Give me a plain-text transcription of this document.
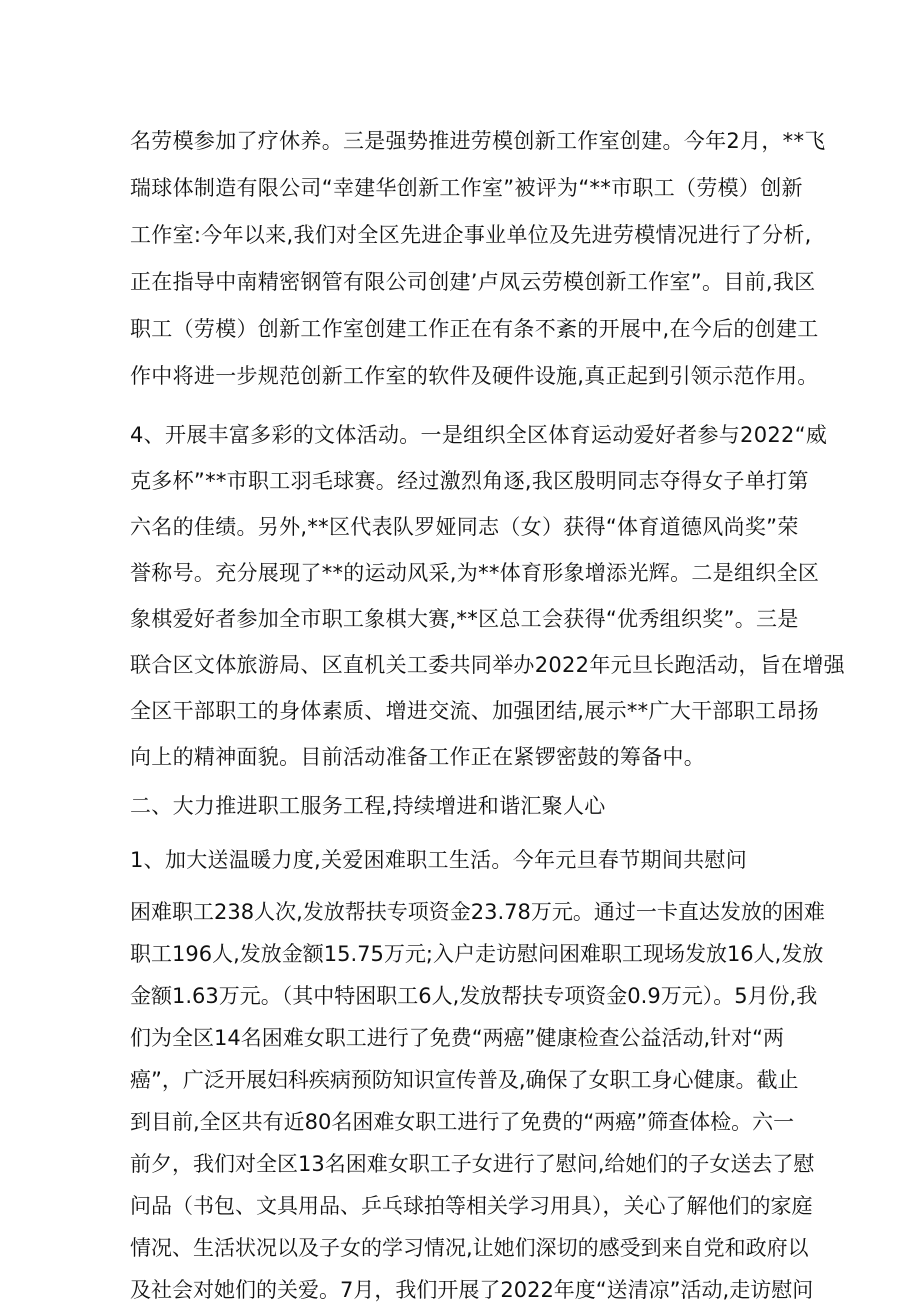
名劳模参加了疗休养。三是强势推进劳模创新工作室创建。今年2月，**飞
瑞球体制造有限公司“幸建华创新工作室”被评为“**市职工（劳模）创新
工作室:今年以来,我们对全区先进企事业单位及先进劳模情况进行了分析,
正在指导中南精密钢管有限公司创建’卢凤云劳模创新工作室”。目前,我区
职工（劳模）创新工作室创建工作正在有条不紊的开展中,在今后的创建工
作中将进一步规范创新工作室的软件及硬件设施,真正起到引领示范作用。
4、开展丰富多彩的文体活动。一是组织全区体育运动爱好者参与2022“威
克多杯”**市职工羽毛球赛。经过激烈角逐,我区殷明同志夺得女子单打第
六名的佳绩。另外,**区代表队罗娅同志（女）获得“体育道德风尚奖”荣
誉称号。充分展现了**的运动风采,为**体育形象增添光辉。二是组织全区
象棋爱好者参加全市职工象棋大赛,**区总工会获得“优秀组织奖”。三是
联合区文体旅游局、区直机关工委共同举办2022年元旦长跑活动，旨在增强
全区干部职工的身体素质、增进交流、加强团结,展示**广大干部职工昂扬
向上的精神面貌。目前活动准备工作正在紧锣密鼓的筹备中。
二、大力推进职工服务工程,持续增进和谐汇聚人心
1、加大送温暖力度,关爱困难职工生活。今年元旦春节期间共慰问
困难职工238人次,发放帮扶专项资金23.78万元。通过一卡直达发放的困难
职工196人,发放金额15.75万元;入户走访慰问困难职工现场发放16人,发放
金额1.63万元。（其中特困职工6人,发放帮扶专项资金0.9万元）。5月份,我
们为全区14名困难女职工进行了免费“两癌”健康检查公益活动,针对“两
癌”，广泛开展妇科疾病预防知识宣传普及,确保了女职工身心健康。截止
到目前,全区共有近80名困难女职工进行了免费的“两癌”筛查体检。六一
前夕，我们对全区13名困难女职工子女进行了慰问,给她们的子女送去了慰
问品（书包、文具用品、乒乓球拍等相关学习用具），关心了解他们的家庭
情况、生活状况以及子女的学习情况,让她们深切的感受到来自党和政府以
及社会对她们的关爱。7月，我们开展了2022年度“送清凉”活动,走访慰问
